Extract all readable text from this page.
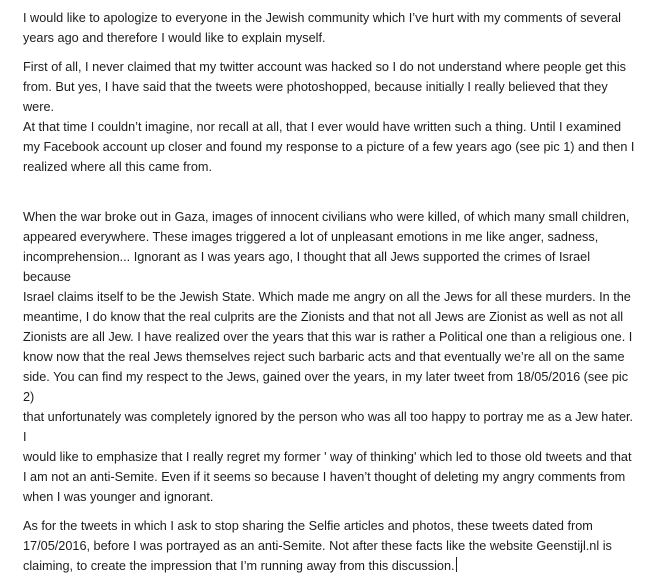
I would like to apologize to everyone in the Jewish community which I’ve hurt with my comments of several
years ago and therefore I would like to explain myself.

First of all, I never claimed that my twitter account was hacked so I do not understand where people get this
from. But yes, I have said that the tweets were photoshopped, because initially I really believed that they were.
At that time I couldn’t imagine, nor recall at all, that I ever would have written such a thing. Until I examined
my Facebook account up closer and found my response to a picture of a few years ago (see pic 1) and then I
realized where all this came from.

When the war broke out in Gaza, images of innocent civilians who were killed, of which many small children,
appeared everywhere. These images triggered a lot of unpleasant emotions in me like anger, sadness,
incomprehension... Ignorant as I was years ago, I thought that all Jews supported the crimes of Israel because
Israel claims itself to be the Jewish State. Which made me angry on all the Jews for all these murders. In the
meantime, I do know that the real culprits are the Zionists and that not all Jews are Zionist as well as not all
Zionists are all Jew. I have realized over the years that this war is rather a Political one than a religious one. I
know now that the real Jews themselves reject such barbaric acts and that eventually we’re all on the same
side. You can find my respect to the Jews, gained over the years, in my later tweet from 18/05/2016 (see pic 2)
that unfortunately was completely ignored by the person who was all too happy to portray me as a Jew hater. I
would like to emphasize that I really regret my former ' way of thinking' which led to those old tweets and that
I am not an anti-Semite. Even if it seems so because I haven’t thought of deleting my angry comments from
when I was younger and ignorant.

As for the tweets in which I ask to stop sharing the Selfie articles and photos, these tweets dated from
17/05/2016, before I was portrayed as an anti-Semite. Not after these facts like the website Geenstijl.nl is
claiming, to create the impression that I’m running away from this discussion.
